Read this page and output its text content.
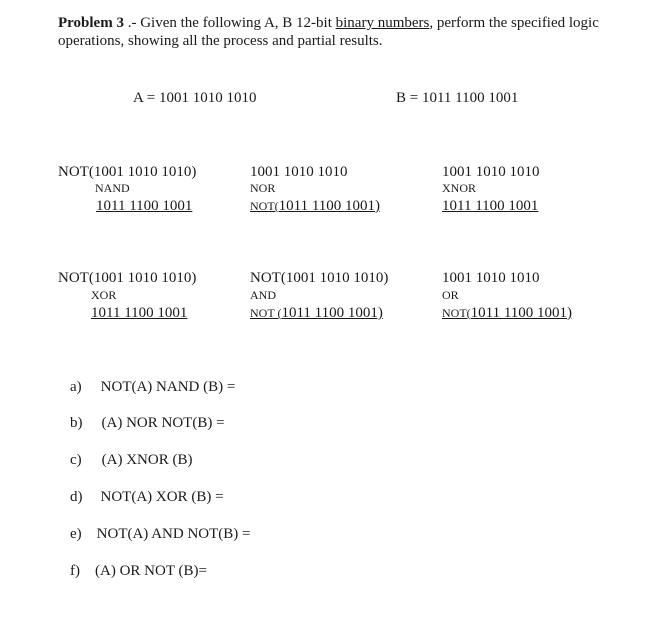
Problem 3 .- Given the following A, B 12-bit binary numbers, perform the specified logic operations, showing all the process and partial results.
A = 1001 1010 1010	B = 1011 1100 1001
NOT(1001 1010 1010)
NAND
1011 1100 1001
1001 1010 1010
NOR
NOT(1011 1100 1001)
1001 1010 1010
XNOR
1011 1100 1001
NOT(1001 1010 1010)
XOR
1011 1100 1001
NOT(1001 1010 1010)
AND
NOT (1011 1100 1001)
1001 1010 1010
OR
NOT(1011 1100 1001)
a) NOT(A) NAND (B) =
b) (A) NOR NOT(B) =
c) (A) XNOR (B)
d) NOT(A) XOR (B) =
e) NOT(A) AND NOT(B) =
f) (A) OR NOT (B)=
